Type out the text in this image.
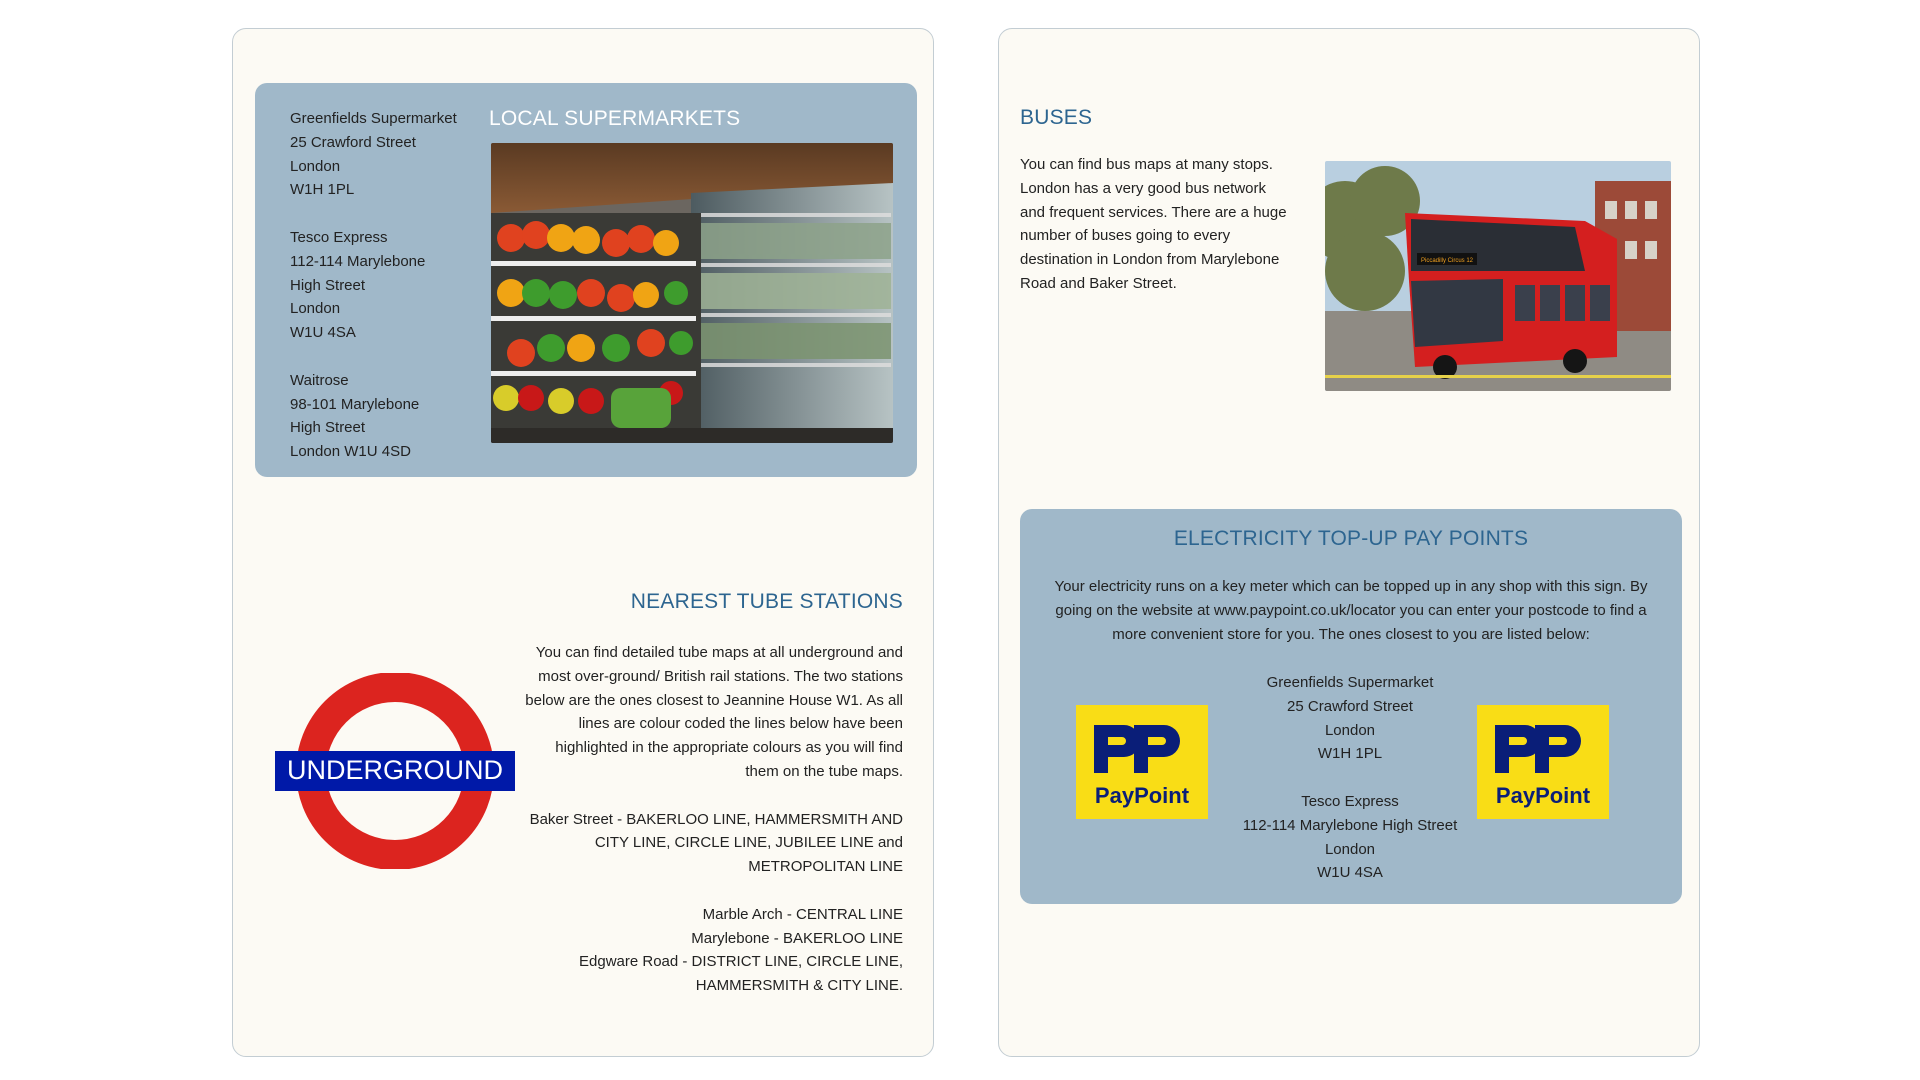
LOCAL SUPERMARKETS
Greenfields Supermarket
25 Crawford Street
London
W1H 1PL
Tesco Express
112-114 Marylebone
High Street
London
W1U 4SA
Waitrose
98-101 Marylebone
High Street
London W1U 4SD
NEAREST TUBE STATIONS

You can find detailed tube maps at all underground and most over-ground/ British rail stations. The two stations below are the ones closest to Jeannine House W1. As all lines are colour coded the lines below have been highlighted in the appropriate colours as you will find them on the tube maps.

Baker Street - BAKERLOO LINE, HAMMERSMITH AND CITY LINE, CIRCLE LINE, JUBILEE LINE and METROPOLITAN LINE

Marble Arch - CENTRAL LINE
Marylebone - BAKERLOO LINE
Edgware Road - DISTRICT LINE, CIRCLE LINE, HAMMERSMITH & CITY LINE.
UNDERGROUND
BUSES
You can find bus maps at many stops. London has a very good bus network and frequent services. There are a huge number of buses going to every destination in London from Marylebone Road and Baker Street.
Piccadilly Circus 12
ELECTRICITY TOP-UP PAY POINTS
Your electricity runs on a key meter which can be topped up in any shop with this sign. By going on the website at www.paypoint.co.uk/locator you can enter your postcode to find a more convenient store for you. The ones closest to you are listed below:
Greenfields Supermarket
25 Crawford Street
London
W1H 1PL
Tesco Express
112-114 Marylebone High Street
London
W1U 4SA
PayPoint	PayPoint
